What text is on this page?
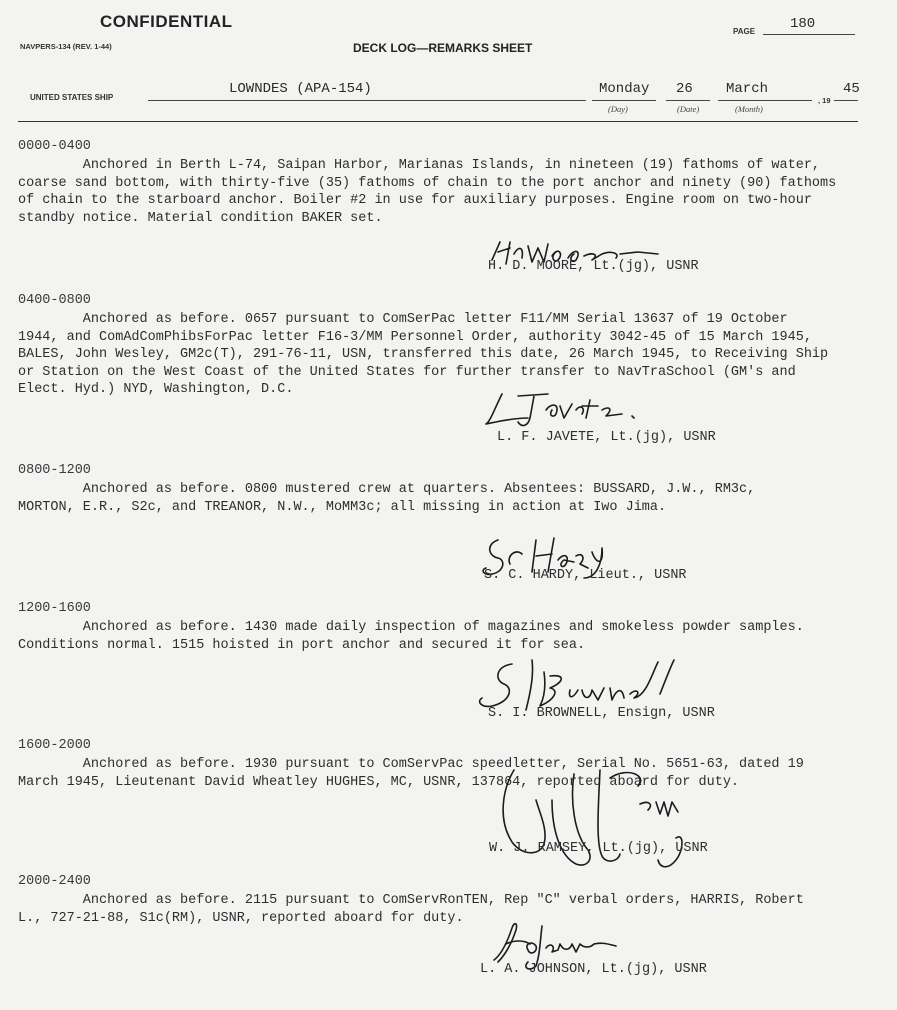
CONFIDENTIAL
NAVPERS-134 (REV. 1-44)	DECK LOG—REMARKS SHEET
PAGE 180
UNITED STATES SHIP
LOWNDES (APA-154)	Monday 26 March
(Day)	(Date)	(Month)
, 19
45
0000-0400
Anchored in Berth L-74, Saipan Harbor, Marianas Islands, in nineteen (19) fathoms of water,
coarse sand bottom, with thirty-five (35) fathoms of chain to the port anchor and ninety (90) fathoms
of chain to the starboard anchor. Boiler #2 in use for auxiliary purposes. Engine room on two-hour
standby notice. Material condition BAKER set.
H. D. MOORE, Lt.(jg), USNR
0400-0800
Anchored as before. 0657 pursuant to ComSerPac letter F11/MM Serial 13637 of 19 October
1944, and ComAdComPhibsForPac letter F16-3/MM Personnel Order, authority 3042-45 of 15 March 1945,
BALES, John Wesley, GM2c(T), 291-76-11, USN, transferred this date, 26 March 1945, to Receiving Ship
or Station on the West Coast of the United States for further transfer to NavTraSchool (GM's and
Elect. Hyd.) NYD, Washington, D.C.
L. F. JAVETE, Lt.(jg), USNR
0800-1200
Anchored as before. 0800 mustered crew at quarters. Absentees: BUSSARD, J.W., RM3c,
MORTON, E.R., S2c, and TREANOR, N.W., MoMM3c; all missing in action at Iwo Jima.
S. C. HARDY, Lieut., USNR
1200-1600
Anchored as before. 1430 made daily inspection of magazines and smokeless powder samples.
Conditions normal. 1515 hoisted in port anchor and secured it for sea.
S. I. BROWNELL, Ensign, USNR
1600-2000
Anchored as before. 1930 pursuant to ComServPac speedletter, Serial No. 5651-63, dated 19
March 1945, Lieutenant David Wheatley HUGHES, MC, USNR, 137864, reported aboard for duty.
W. J. RAMSEY, Lt.(jg), USNR
2000-2400
Anchored as before. 2115 pursuant to ComServRonTEN, Rep "C" verbal orders, HARRIS, Robert
L., 727-21-88, S1c(RM), USNR, reported aboard for duty.
L. A. JOHNSON, Lt.(jg), USNR
